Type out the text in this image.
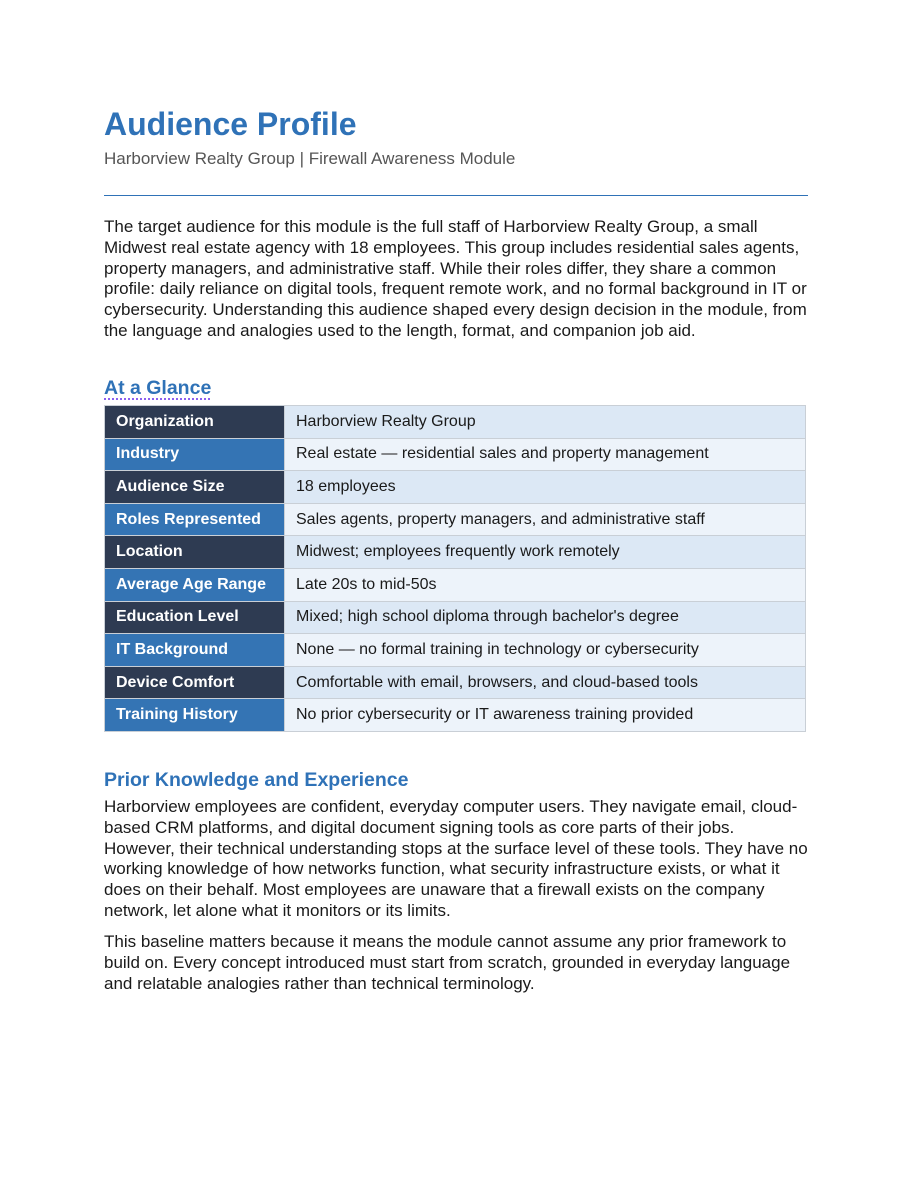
Audience Profile
Harborview Realty Group | Firewall Awareness Module

The target audience for this module is the full staff of Harborview Realty Group, a small Midwest real estate agency with 18 employees. This group includes residential sales agents, property managers, and administrative staff. While their roles differ, they share a common profile: daily reliance on digital tools, frequent remote work, and no formal background in IT or cybersecurity. Understanding this audience shaped every design decision in the module, from the language and analogies used to the length, format, and companion job aid.

At a Glance
Organization	Harborview Realty Group
Industry	Real estate — residential sales and property management
Audience Size	18 employees
Roles Represented	Sales agents, property managers, and administrative staff
Location	Midwest; employees frequently work remotely
Average Age Range	Late 20s to mid-50s
Education Level	Mixed; high school diploma through bachelor's degree
IT Background	None — no formal training in technology or cybersecurity
Device Comfort	Comfortable with email, browsers, and cloud-based tools
Training History	No prior cybersecurity or IT awareness training provided
Prior Knowledge and Experience

Harborview employees are confident, everyday computer users. They navigate email, cloud-based CRM platforms, and digital document signing tools as core parts of their jobs. However, their technical understanding stops at the surface level of these tools. They have no working knowledge of how networks function, what security infrastructure exists, or what it does on their behalf. Most employees are unaware that a firewall exists on the company network, let alone what it monitors or its limits.

This baseline matters because it means the module cannot assume any prior framework to build on. Every concept introduced must start from scratch, grounded in everyday language and relatable analogies rather than technical terminology.
